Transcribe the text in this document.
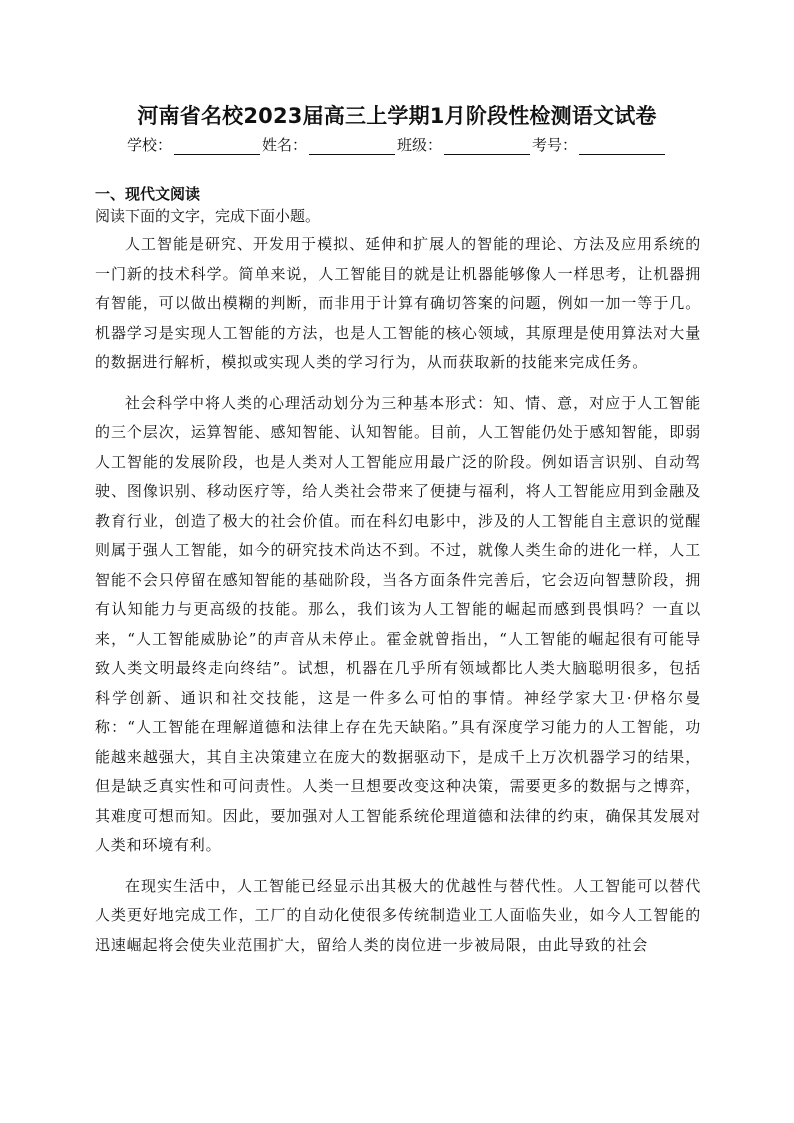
河南省名校2023届高三上学期1月阶段性检测语文试卷
学校：	姓名：	班级：	考号：
一、现代文阅读

阅读下面的文字，完成下面小题。

人工智能是研究、开发用于模拟、延伸和扩展人的智能的理论、方法及应用系统的一门新的技术科学。简单来说，人工智能目的就是让机器能够像人一样思考，让机器拥有智能，可以做出模糊的判断，而非用于计算有确切答案的问题，例如一加一等于几。机器学习是实现人工智能的方法，也是人工智能的核心领域，其原理是使用算法对大量的数据进行解析，模拟或实现人类的学习行为，从而获取新的技能来完成任务。

社会科学中将人类的心理活动划分为三种基本形式：知、情、意，对应于人工智能的三个层次，运算智能、感知智能、认知智能。目前，人工智能仍处于感知智能，即弱人工智能的发展阶段，也是人类对人工智能应用最广泛的阶段。例如语言识别、自动驾驶、图像识别、移动医疗等，给人类社会带来了便捷与福利，将人工智能应用到金融及教育行业，创造了极大的社会价值。而在科幻电影中，涉及的人工智能自主意识的觉醒则属于强人工智能，如今的研究技术尚达不到。不过，就像人类生命的进化一样，人工智能不会只停留在感知智能的基础阶段，当各方面条件完善后，它会迈向智慧阶段，拥有认知能力与更高级的技能。那么，我们该为人工智能的崛起而感到畏惧吗？一直以来，“人工智能威胁论”的声音从未停止。霍金就曾指出，“人工智能的崛起很有可能导致人类文明最终走向终结”。试想，机器在几乎所有领域都比人类大脑聪明很多，包括科学创新、通识和社交技能，这是一件多么可怕的事情。神经学家大卫·伊格尔曼称：“人工智能在理解道德和法律上存在先天缺陷。”具有深度学习能力的人工智能，功能越来越强大，其自主决策建立在庞大的数据驱动下，是成千上万次机器学习的结果，但是缺乏真实性和可问责性。人类一旦想要改变这种决策，需要更多的数据与之博弈，其难度可想而知。因此，要加强对人工智能系统伦理道德和法律的约束，确保其发展对人类和环境有利。

在现实生活中，人工智能已经显示出其极大的优越性与替代性。人工智能可以替代人类更好地完成工作，工厂的自动化使很多传统制造业工人面临失业，如今人工智能的迅速崛起将会使失业范围扩大，留给人类的岗位进一步被局限，由此导致的社会
